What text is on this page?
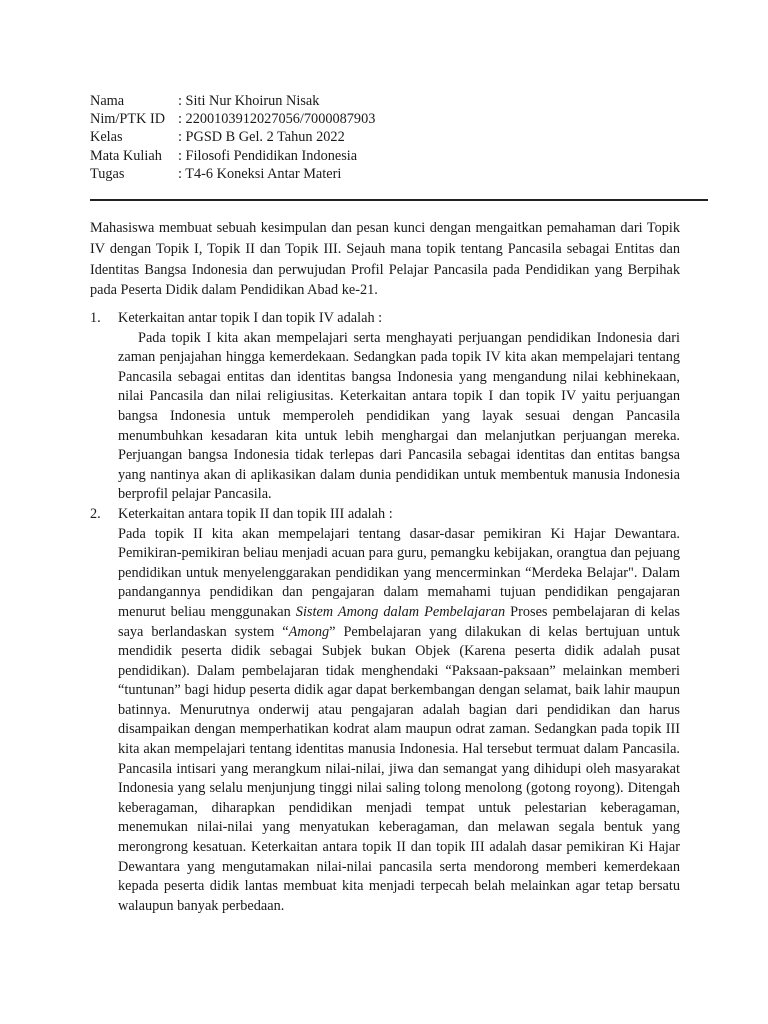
Nama	: Siti Nur Khoirun Nisak
Nim/PTK ID	: 2200103912027056/7000087903
Kelas	: PGSD B Gel. 2 Tahun 2022
Mata Kuliah	: Filosofi Pendidikan Indonesia
Tugas	: T4-6 Koneksi Antar Materi

Mahasiswa membuat sebuah kesimpulan dan pesan kunci dengan mengaitkan pemahaman dari Topik IV dengan Topik I, Topik II dan Topik III. Sejauh mana topik tentang Pancasila sebagai Entitas dan Identitas Bangsa Indonesia dan perwujudan Profil Pelajar Pancasila pada Pendidikan yang Berpihak pada Peserta Didik dalam Pendidikan Abad ke-21.

1. Keterkaitan antar topik I dan topik IV adalah :

Pada topik I kita akan mempelajari serta menghayati perjuangan pendidikan Indonesia dari zaman penjajahan hingga kemerdekaan. Sedangkan pada topik IV kita akan mempelajari tentang Pancasila sebagai entitas dan identitas bangsa Indonesia yang mengandung nilai kebhinekaan, nilai Pancasila dan nilai religiusitas. Keterkaitan antara topik I dan topik IV yaitu perjuangan bangsa Indonesia untuk memperoleh pendidikan yang layak sesuai dengan Pancasila menumbuhkan kesadaran kita untuk lebih menghargai dan melanjutkan perjuangan mereka. Perjuangan bangsa Indonesia tidak terlepas dari Pancasila sebagai identitas dan entitas bangsa yang nantinya akan di aplikasikan dalam dunia pendidikan untuk membentuk manusia Indonesia berprofil pelajar Pancasila.

2. Keterkaitan antara topik II dan topik III adalah :

Pada topik II kita akan mempelajari tentang dasar-dasar pemikiran Ki Hajar Dewantara. Pemikiran-pemikiran beliau menjadi acuan para guru, pemangku kebijakan, orangtua dan pejuang pendidikan untuk menyelenggarakan pendidikan yang mencerminkan “Merdeka Belajar". Dalam pandangannya pendidikan dan pengajaran dalam memahami tujuan pendidikan pengajaran menurut beliau menggunakan Sistem Among dalam Pembelajaran Proses pembelajaran di kelas saya berlandaskan system “Among” Pembelajaran yang dilakukan di kelas bertujuan untuk mendidik peserta didik sebagai Subjek bukan Objek (Karena peserta didik adalah pusat pendidikan). Dalam pembelajaran tidak menghendaki “Paksaan-paksaan” melainkan memberi “tuntunan” bagi hidup peserta didik agar dapat berkembangan dengan selamat, baik lahir maupun batinnya. Menurutnya onderwij atau pengajaran adalah bagian dari pendidikan dan harus disampaikan dengan memperhatikan kodrat alam maupun odrat zaman. Sedangkan pada topik III kita akan mempelajari tentang identitas manusia Indonesia. Hal tersebut termuat dalam Pancasila. Pancasila intisari yang merangkum nilai-nilai, jiwa dan semangat yang dihidupi oleh masyarakat Indonesia yang selalu menjunjung tinggi nilai saling tolong menolong (gotong royong). Ditengah keberagaman, diharapkan pendidikan menjadi tempat untuk pelestarian keberagaman, menemukan nilai-nilai yang menyatukan keberagaman, dan melawan segala bentuk yang merongrong kesatuan. Keterkaitan antara topik II dan topik III adalah dasar pemikiran Ki Hajar Dewantara yang mengutamakan nilai-nilai pancasila serta mendorong memberi kemerdekaan kepada peserta didik lantas membuat kita menjadi terpecah belah melainkan agar tetap bersatu walaupun banyak perbedaan.
